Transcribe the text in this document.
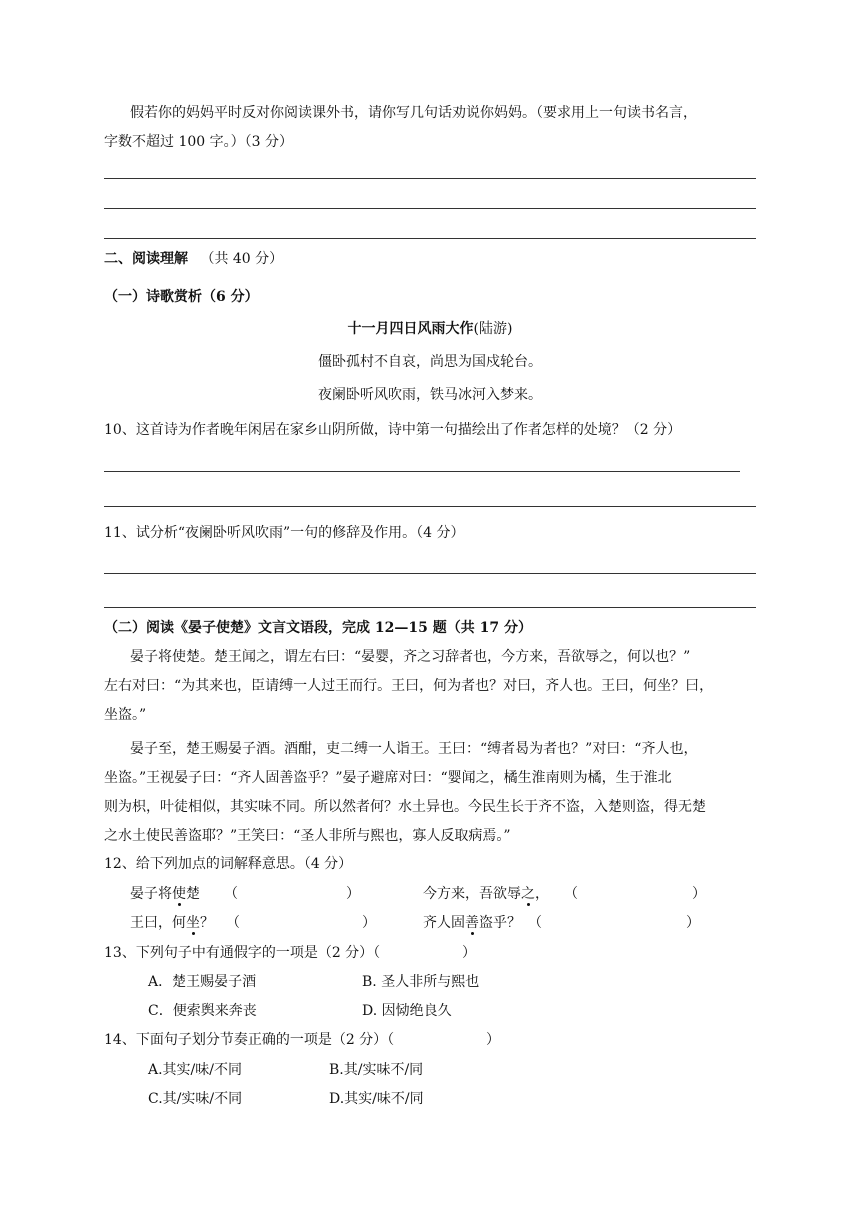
假若你的妈妈平时反对你阅读课外书，请你写几句话劝说你妈妈。（要求用上一句读书名言，
字数不超过 100 字。）（3 分）
二、阅读理解 （共 40 分）
（一）诗歌赏析（6 分）
十一月四日风雨大作(陆游)
僵卧孤村不自哀，尚思为国戍轮台。
夜阑卧听风吹雨，铁马冰河入梦来。
10、这首诗为作者晚年闲居在家乡山阴所做，诗中第一句描绘出了作者怎样的处境？（2 分）
11、试分析“夜阑卧听风吹雨”一句的修辞及作用。（4 分）
（二）阅读《晏子使楚》文言文语段，完成 12—15 题（共 17 分）
晏子将使楚。楚王闻之，谓左右曰：“晏婴，齐之习辞者也，今方来，吾欲辱之，何以也？”
左右对曰：“为其来也，臣请缚一人过王而行。王曰，何为者也？对曰，齐人也。王曰，何坐？曰，
坐盗。”
晏子至，楚王赐晏子酒。酒酣，吏二缚一人诣王。王曰：“缚者曷为者也？”对曰：“齐人也，
坐盗。”王视晏子曰：“齐人固善盗乎？”晏子避席对曰：“婴闻之，橘生淮南则为橘，生于淮北
则为枳，叶徒相似，其实味不同。所以然者何？水土异也。今民生长于齐不盗，入楚则盗，得无楚
之水土使民善盗耶？”王笑曰：“圣人非所与熙也，寡人反取病焉。”
12、给下列加点的词解释意思。（4 分）
晏子将使楚 （	）	今方来，吾欲辱之， （	）
王曰，何坐？ （	）	齐人固善盗乎？ （	）
13、下列句子中有通假字的一项是（2 分）（	）
A．楚王赐晏子酒	B. 圣人非所与熙也
C．便索舆来奔丧	D. 因恸绝良久
14、下面句子划分节奏正确的一项是（2 分）（	）
A.其实/味/不同	B.其/实味不/同
C.其/实味/不同	D.其实/味不/同
